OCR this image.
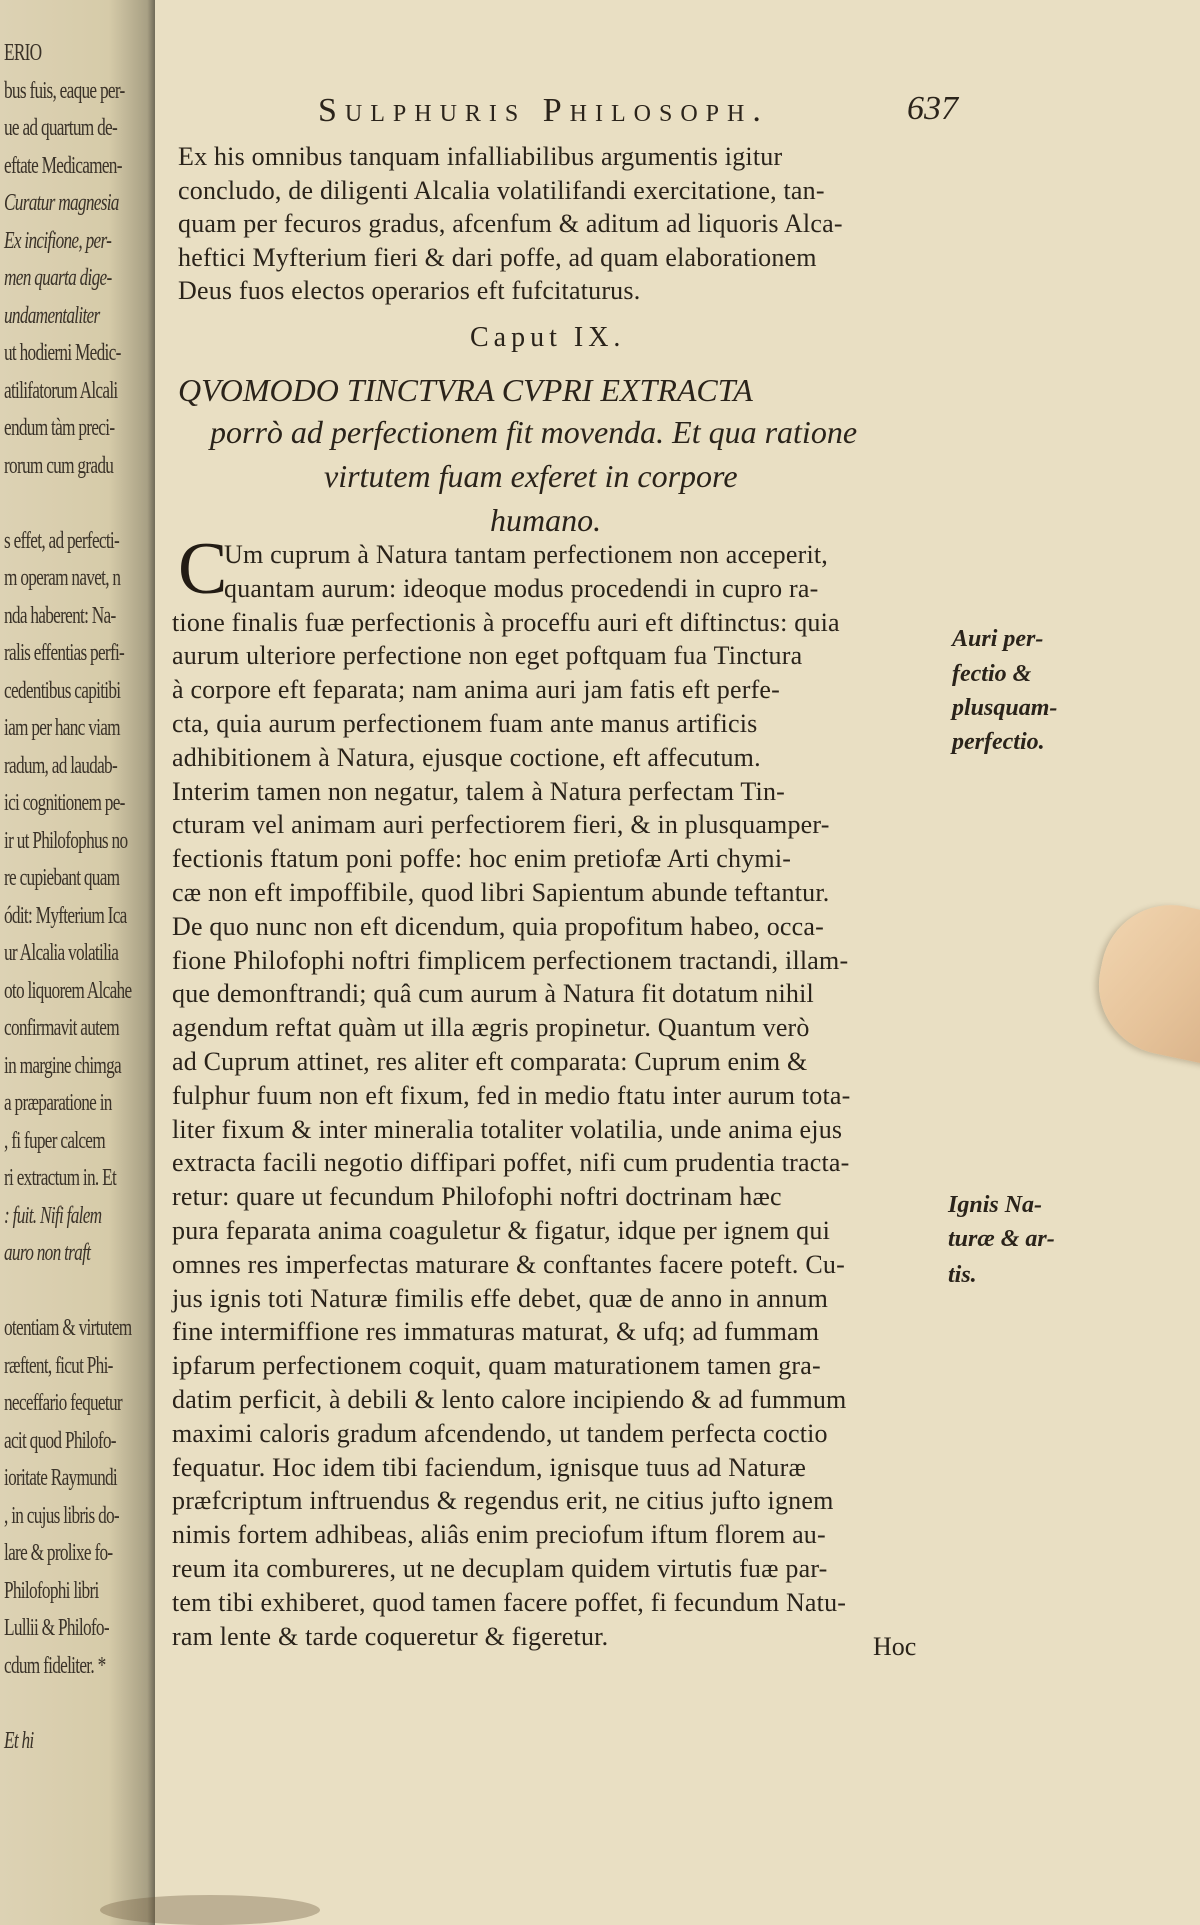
ERIO
bus fuis, eaque per-
ue ad quartum de-
eftate Medicamen-
Curatur magnesia
Ex incifione, per-
men quarta dige-
undamentaliter
ut hodierni Medic-
atilifatorum Alcali
endum tàm preci-
rorum cum gradu
s effet, ad perfecti-
m operam navet, n
nda haberent: Na-
ralis effentias perfi-
cedentibus capitibi
iam per hanc viam
radum, ad laudab-
ici cognitionem pe-
ir ut Philofophus no
re cupiebant quam
ódit: Myfterium Ica
ur Alcalia volatilia
oto liquorem Alcahe
confirmavit autem
in margine chimga
a præparatione in
, fi fuper calcem
ri extractum in. Et
: fuit. Nifi falem
auro non traft
otentiam & virtutem
ræftent, ficut Phi-
neceffario fequetur
acit quod Philofo-
ioritate Raymundi
, in cujus libris do-
lare & prolixe fo-
Philofophi libri
Lullii & Philofo-
cdum fideliter. *
Et hi
Sulphuris Philosoph.	637
Ex his omnibus tanquam infalliabilibus argumentis igitur
concludo, de diligenti Alcalia volatilifandi exercitatione, tan-
quam per fecuros gradus, afcenfum & aditum ad liquoris Alca-
heftici Myfterium fieri & dari poffe, ad quam elaborationem
Deus fuos electos operarios eft fufcitaturus.
Caput IX.
QVOMODO TINCTVRA CVPRI EXTRACTA
porrò ad perfectionem fit movenda. Et qua ratione
virtutem fuam exferet in corpore
humano.
C
Um cuprum à Natura tantam perfectionem non acceperit,
quantam aurum: ideoque modus procedendi in cupro ra-
tione finalis fuæ perfectionis à proceffu auri eft diftinctus: quia
aurum ulteriore perfectione non eget poftquam fua Tinctura
à corpore eft feparata; nam anima auri jam fatis eft perfe-
cta, quia aurum perfectionem fuam ante manus artificis
adhibitionem à Natura, ejusque coctione, eft affecutum.
Interim tamen non negatur, talem à Natura perfectam Tin-
cturam vel animam auri perfectiorem fieri, & in plusquamper-
fectionis ftatum poni poffe: hoc enim pretiofæ Arti chymi-
cæ non eft impoffibile, quod libri Sapientum abunde teftantur.
De quo nunc non eft dicendum, quia propofitum habeo, occa-
fione Philofophi noftri fimplicem perfectionem tractandi, illam-
que demonftrandi; quâ cum aurum à Natura fit dotatum nihil
agendum reftat quàm ut illa ægris propinetur. Quantum verò
ad Cuprum attinet, res aliter eft comparata: Cuprum enim &
fulphur fuum non eft fixum, fed in medio ftatu inter aurum tota-
liter fixum & inter mineralia totaliter volatilia, unde anima ejus
extracta facili negotio diffipari poffet, nifi cum prudentia tracta-
retur: quare ut fecundum Philofophi noftri doctrinam hæc
pura feparata anima coaguletur & figatur, idque per ignem qui
omnes res imperfectas maturare & conftantes facere poteft. Cu-
jus ignis toti Naturæ fimilis effe debet, quæ de anno in annum
fine intermiffione res immaturas maturat, & ufq; ad fummam
ipfarum perfectionem coquit, quam maturationem tamen gra-
datim perficit, à debili & lento calore incipiendo & ad fummum
maximi caloris gradum afcendendo, ut tandem perfecta coctio
fequatur. Hoc idem tibi faciendum, ignisque tuus ad Naturæ
præfcriptum inftruendus & regendus erit, ne citius jufto ignem
nimis fortem adhibeas, aliâs enim preciofum iftum florem au-
reum ita combureres, ut ne decuplam quidem virtutis fuæ par-
tem tibi exhiberet, quod tamen facere poffet, fi fecundum Natu-
ram lente & tarde coqueretur & figeretur.
Auri per-
fectio &
plusquam-
perfectio.
Ignis Na-
turæ & ar-
tis.
Hoc
